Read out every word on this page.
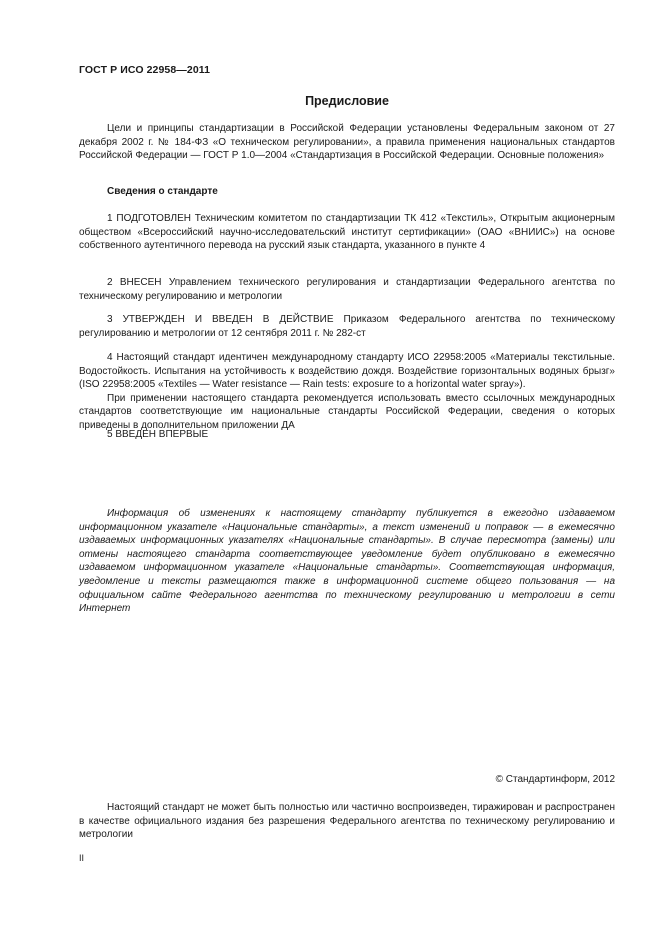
ГОСТ Р ИСО 22958—2011
Предисловие

Цели и принципы стандартизации в Российской Федерации установлены Федеральным законом от 27 декабря 2002 г. № 184-ФЗ «О техническом регулировании», а правила применения национальных стандартов Российской Федерации — ГОСТ Р 1.0—2004 «Стандартизация в Российской Федерации. Основные положения»

Сведения о стандарте

1 ПОДГОТОВЛЕН Техническим комитетом по стандартизации ТК 412 «Текстиль», Открытым акционерным обществом «Всероссийский научно-исследовательский институт сертификации» (ОАО «ВНИИС») на основе собственного аутентичного перевода на русский язык стандарта, указанного в пункте 4

2 ВНЕСЕН Управлением технического регулирования и стандартизации Федерального агентства по техническому регулированию и метрологии

3 УТВЕРЖДЕН И ВВЕДЕН В ДЕЙСТВИЕ Приказом Федерального агентства по техническому регулированию и метрологии от 12 сентября 2011 г. № 282-ст

4 Настоящий стандарт идентичен международному стандарту ИСО 22958:2005 «Материалы текстильные. Водостойкость. Испытания на устойчивость к воздействию дождя. Воздействие горизонтальных водяных брызг» (ISO 22958:2005 «Textiles — Water resistance — Rain tests: exposure to a horizontal water spray»).

При применении настоящего стандарта рекомендуется использовать вместо ссылочных международных стандартов соответствующие им национальные стандарты Российской Федерации, сведения о которых приведены в дополнительном приложении ДА

5 ВВЕДЕН ВПЕРВЫЕ

Информация об изменениях к настоящему стандарту публикуется в ежегодно издаваемом информационном указателе «Национальные стандарты», а текст изменений и поправок — в ежемесячно издаваемых информационных указателях «Национальные стандарты». В случае пересмотра (замены) или отмены настоящего стандарта соответствующее уведомление будет опубликовано в ежемесячно издаваемом информационном указателе «Национальные стандарты». Соответствующая информация, уведомление и тексты размещаются также в информационной системе общего пользования — на официальном сайте Федерального агентства по техническому регулированию и метрологии в сети Интернет

© Стандартинформ, 2012

Настоящий стандарт не может быть полностью или частично воспроизведен, тиражирован и распространен в качестве официального издания без разрешения Федерального агентства по техническому регулированию и метрологии

II
